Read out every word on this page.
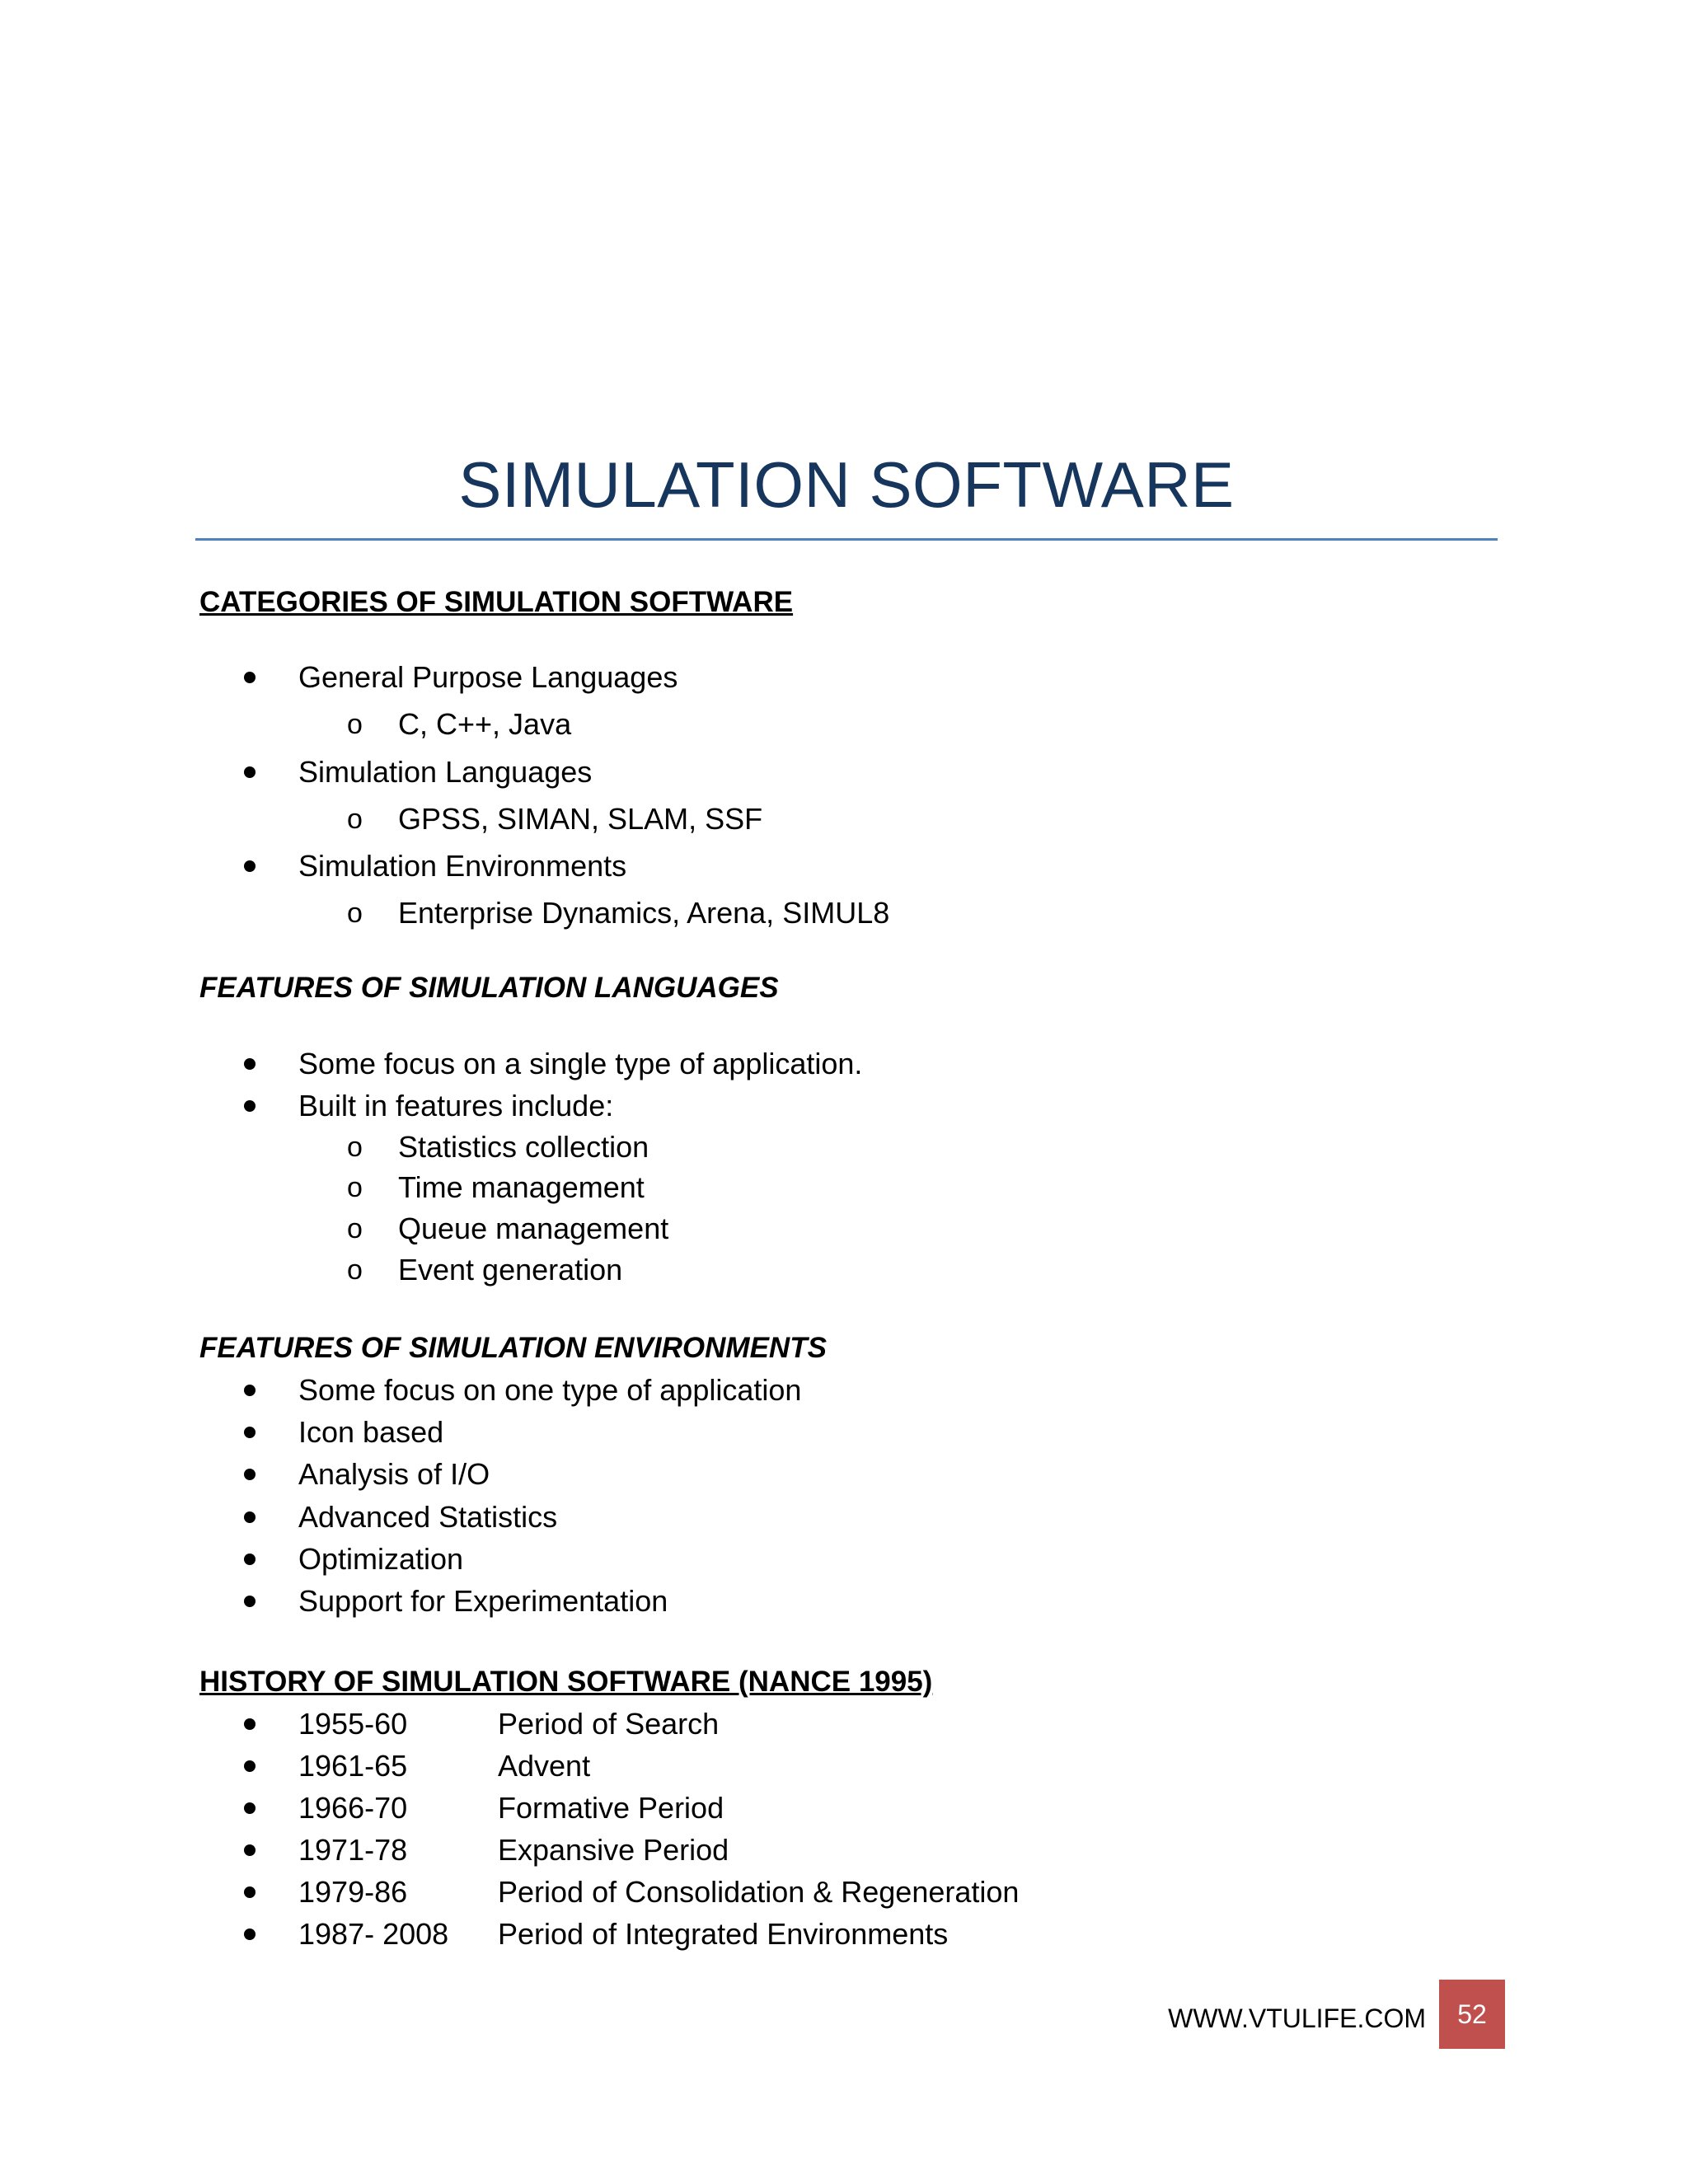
SIMULATION SOFTWARE
CATEGORIES OF SIMULATION SOFTWARE
General Purpose Languages
o C, C++, Java
Simulation Languages
o GPSS, SIMAN, SLAM, SSF
Simulation Environments
o Enterprise Dynamics, Arena, SIMUL8
FEATURES OF SIMULATION LANGUAGES
Some focus on a single type of application.
Built in features include:
o Statistics collection
o Time management
o Queue management
o Event generation
FEATURES OF SIMULATION ENVIRONMENTS
Some focus on one type of application
Icon based
Analysis of I/O
Advanced Statistics
Optimization
Support for Experimentation
HISTORY OF SIMULATION SOFTWARE (NANCE 1995)
1955-60	Period of Search
1961-65	Advent
1966-70	Formative Period
1971-78	Expansive Period
1979-86	Period of Consolidation & Regeneration
1987- 2008 Period of Integrated Environments
WWW.VTULIFE.COM	52
